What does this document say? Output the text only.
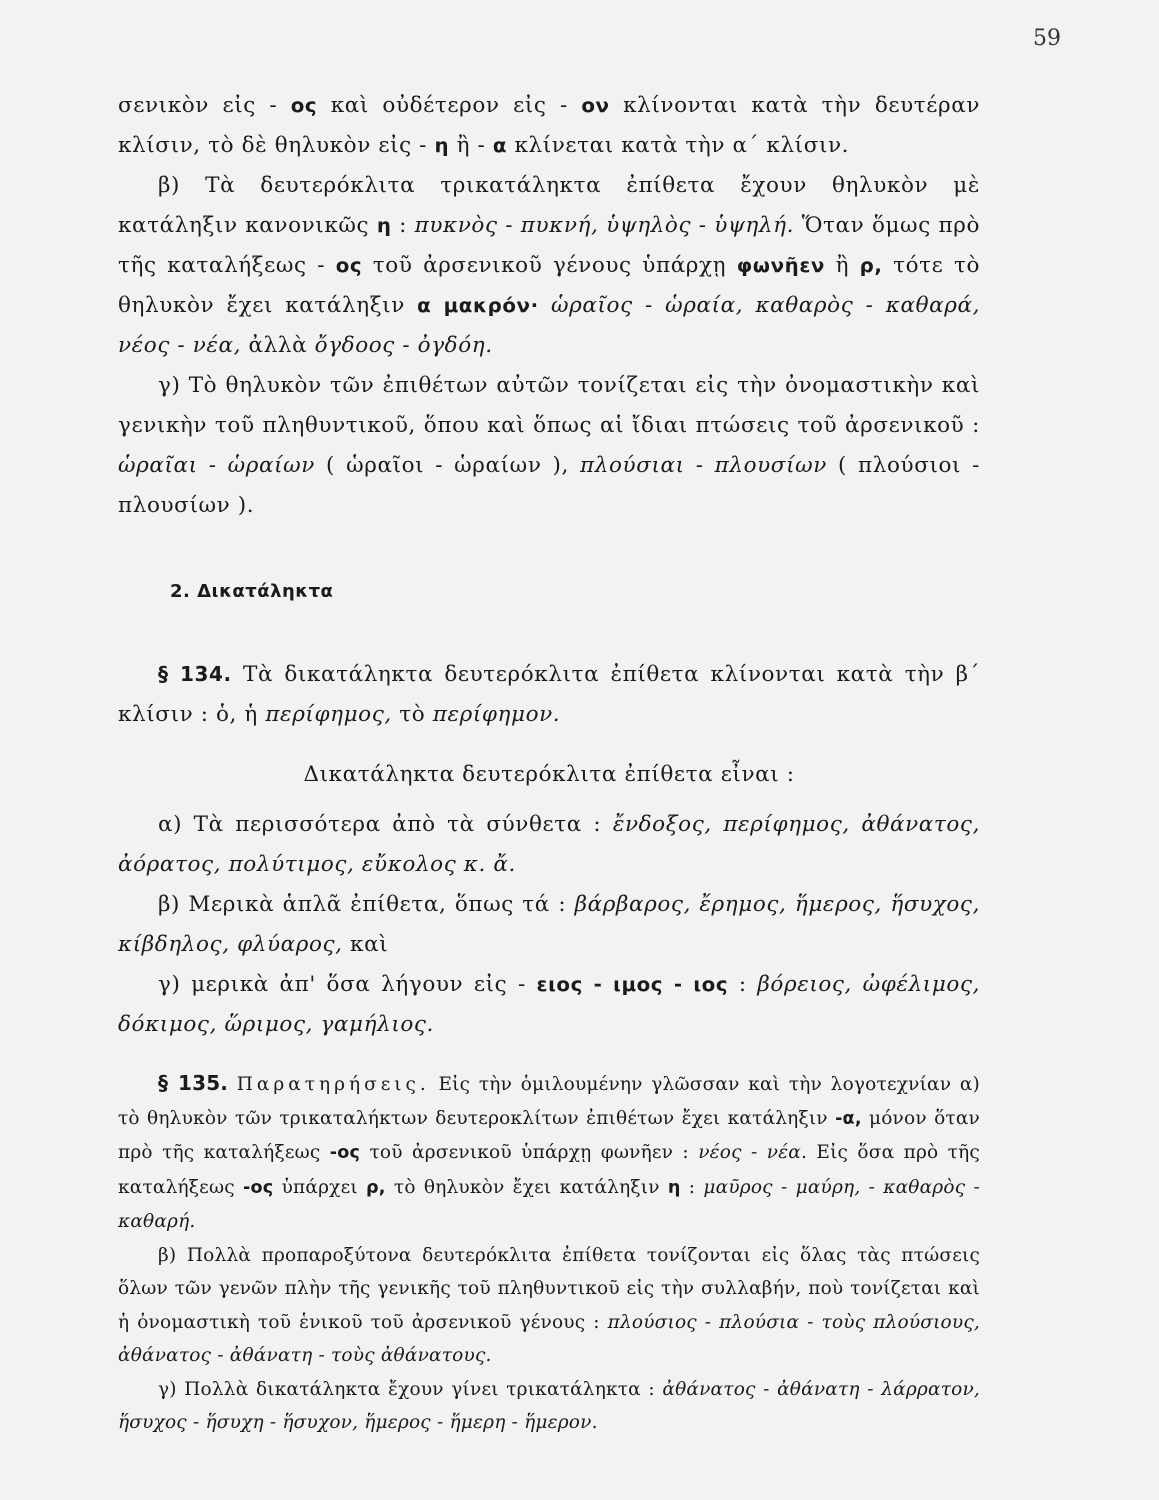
59

σενικὸν εἰς - ος καὶ οὐδέτερον εἰς - ον κλίνονται κατὰ τὴν δευτέραν κλίσιν, τὸ δὲ θηλυκὸν εἰς - η ἢ - α κλίνεται κατὰ τὴν α΄ κλίσιν.

β) Τὰ δευτερόκλιτα τρικατάληκτα ἐπίθετα ἔχουν θηλυκὸν μὲ κατάληξιν κανονικῶς η : πυκνὸς - πυκνή, ὑψηλὸς - ὑψηλή. Ὅταν ὅμως πρὸ τῆς καταλήξεως - ος τοῦ ἀρσενικοῦ γένους ὑπάρχῃ φωνῆεν ἢ ρ, τότε τὸ θηλυκὸν ἔχει κατάληξιν α μακρόν· ὡραῖος - ὡραία, καθαρὸς - καθαρά, νέος - νέα, ἀλλὰ ὄγδοος - ὀγδόη.

γ) Τὸ θηλυκὸν τῶν ἐπιθέτων αὐτῶν τονίζεται εἰς τὴν ὀνομαστικὴν καὶ γενικὴν τοῦ πληθυντικοῦ, ὅπου καὶ ὅπως αἱ ἴδιαι πτώσεις τοῦ ἀρσενικοῦ : ὡραῖαι - ὡραίων ( ὡραῖοι - ὡραίων ), πλούσιαι - πλουσίων ( πλούσιοι - πλουσίων ).

2. Δικατάληκτα

§ 134. Τὰ δικατάληκτα δευτερόκλιτα ἐπίθετα κλίνονται κατὰ τὴν β΄ κλίσιν : ὁ, ἡ περίφημος, τὸ περίφημον.

Δικατάληκτα δευτερόκλιτα ἐπίθετα εἶναι :

α) Τὰ περισσότερα ἀπὸ τὰ σύνθετα : ἔνδοξος, περίφημος, ἀθάνατος, ἀόρατος, πολύτιμος, εὔκολος κ. ἄ.

β) Μερικὰ ἁπλᾶ ἐπίθετα, ὅπως τά : βάρβαρος, ἔρημος, ἥμερος, ἥσυχος, κίβδηλος, φλύαρος, καὶ

γ) μερικὰ ἀπ' ὅσα λήγουν εἰς - ειος - ιμος - ιος : βόρειος, ὠφέλιμος, δόκιμος, ὥριμος, γαμήλιος.

§ 135. Παρατηρήσεις. Εἰς τὴν ὁμιλουμένην γλῶσσαν καὶ τὴν λογοτεχνίαν α) τὸ θηλυκὸν τῶν τρικαταλήκτων δευτεροκλίτων ἐπιθέτων ἔχει κατάληξιν -α, μόνον ὅταν πρὸ τῆς καταλήξεως -ος τοῦ ἀρσενικοῦ ὑπάρχῃ φωνῆεν : νέος - νέα. Εἰς ὅσα πρὸ τῆς καταλήξεως -ος ὑπάρχει ρ, τὸ θηλυκὸν ἔχει κατάληξιν η : μαῦρος - μαύρη, - καθαρὸς - καθαρή.

β) Πολλὰ προπαροξύτονα δευτερόκλιτα ἐπίθετα τονίζονται εἰς ὅλας τὰς πτώσεις ὅλων τῶν γενῶν πλὴν τῆς γενικῆς τοῦ πληθυντικοῦ εἰς τὴν συλλαβήν, ποὺ τονίζεται καὶ ἡ ὀνομαστικὴ τοῦ ἑνικοῦ τοῦ ἀρσενικοῦ γένους : πλούσιος - πλούσια - τοὺς πλούσιους, ἀθάνατος - ἀθάνατη - τοὺς ἀθάνατους.

γ) Πολλὰ δικατάληκτα ἔχουν γίνει τρικατάληκτα : ἀθάνατος - ἀθάνατη - λάρρατον, ἥσυχος - ἥσυχη - ἥσυχον, ἥμερος - ἥμερη - ἥμερον.
